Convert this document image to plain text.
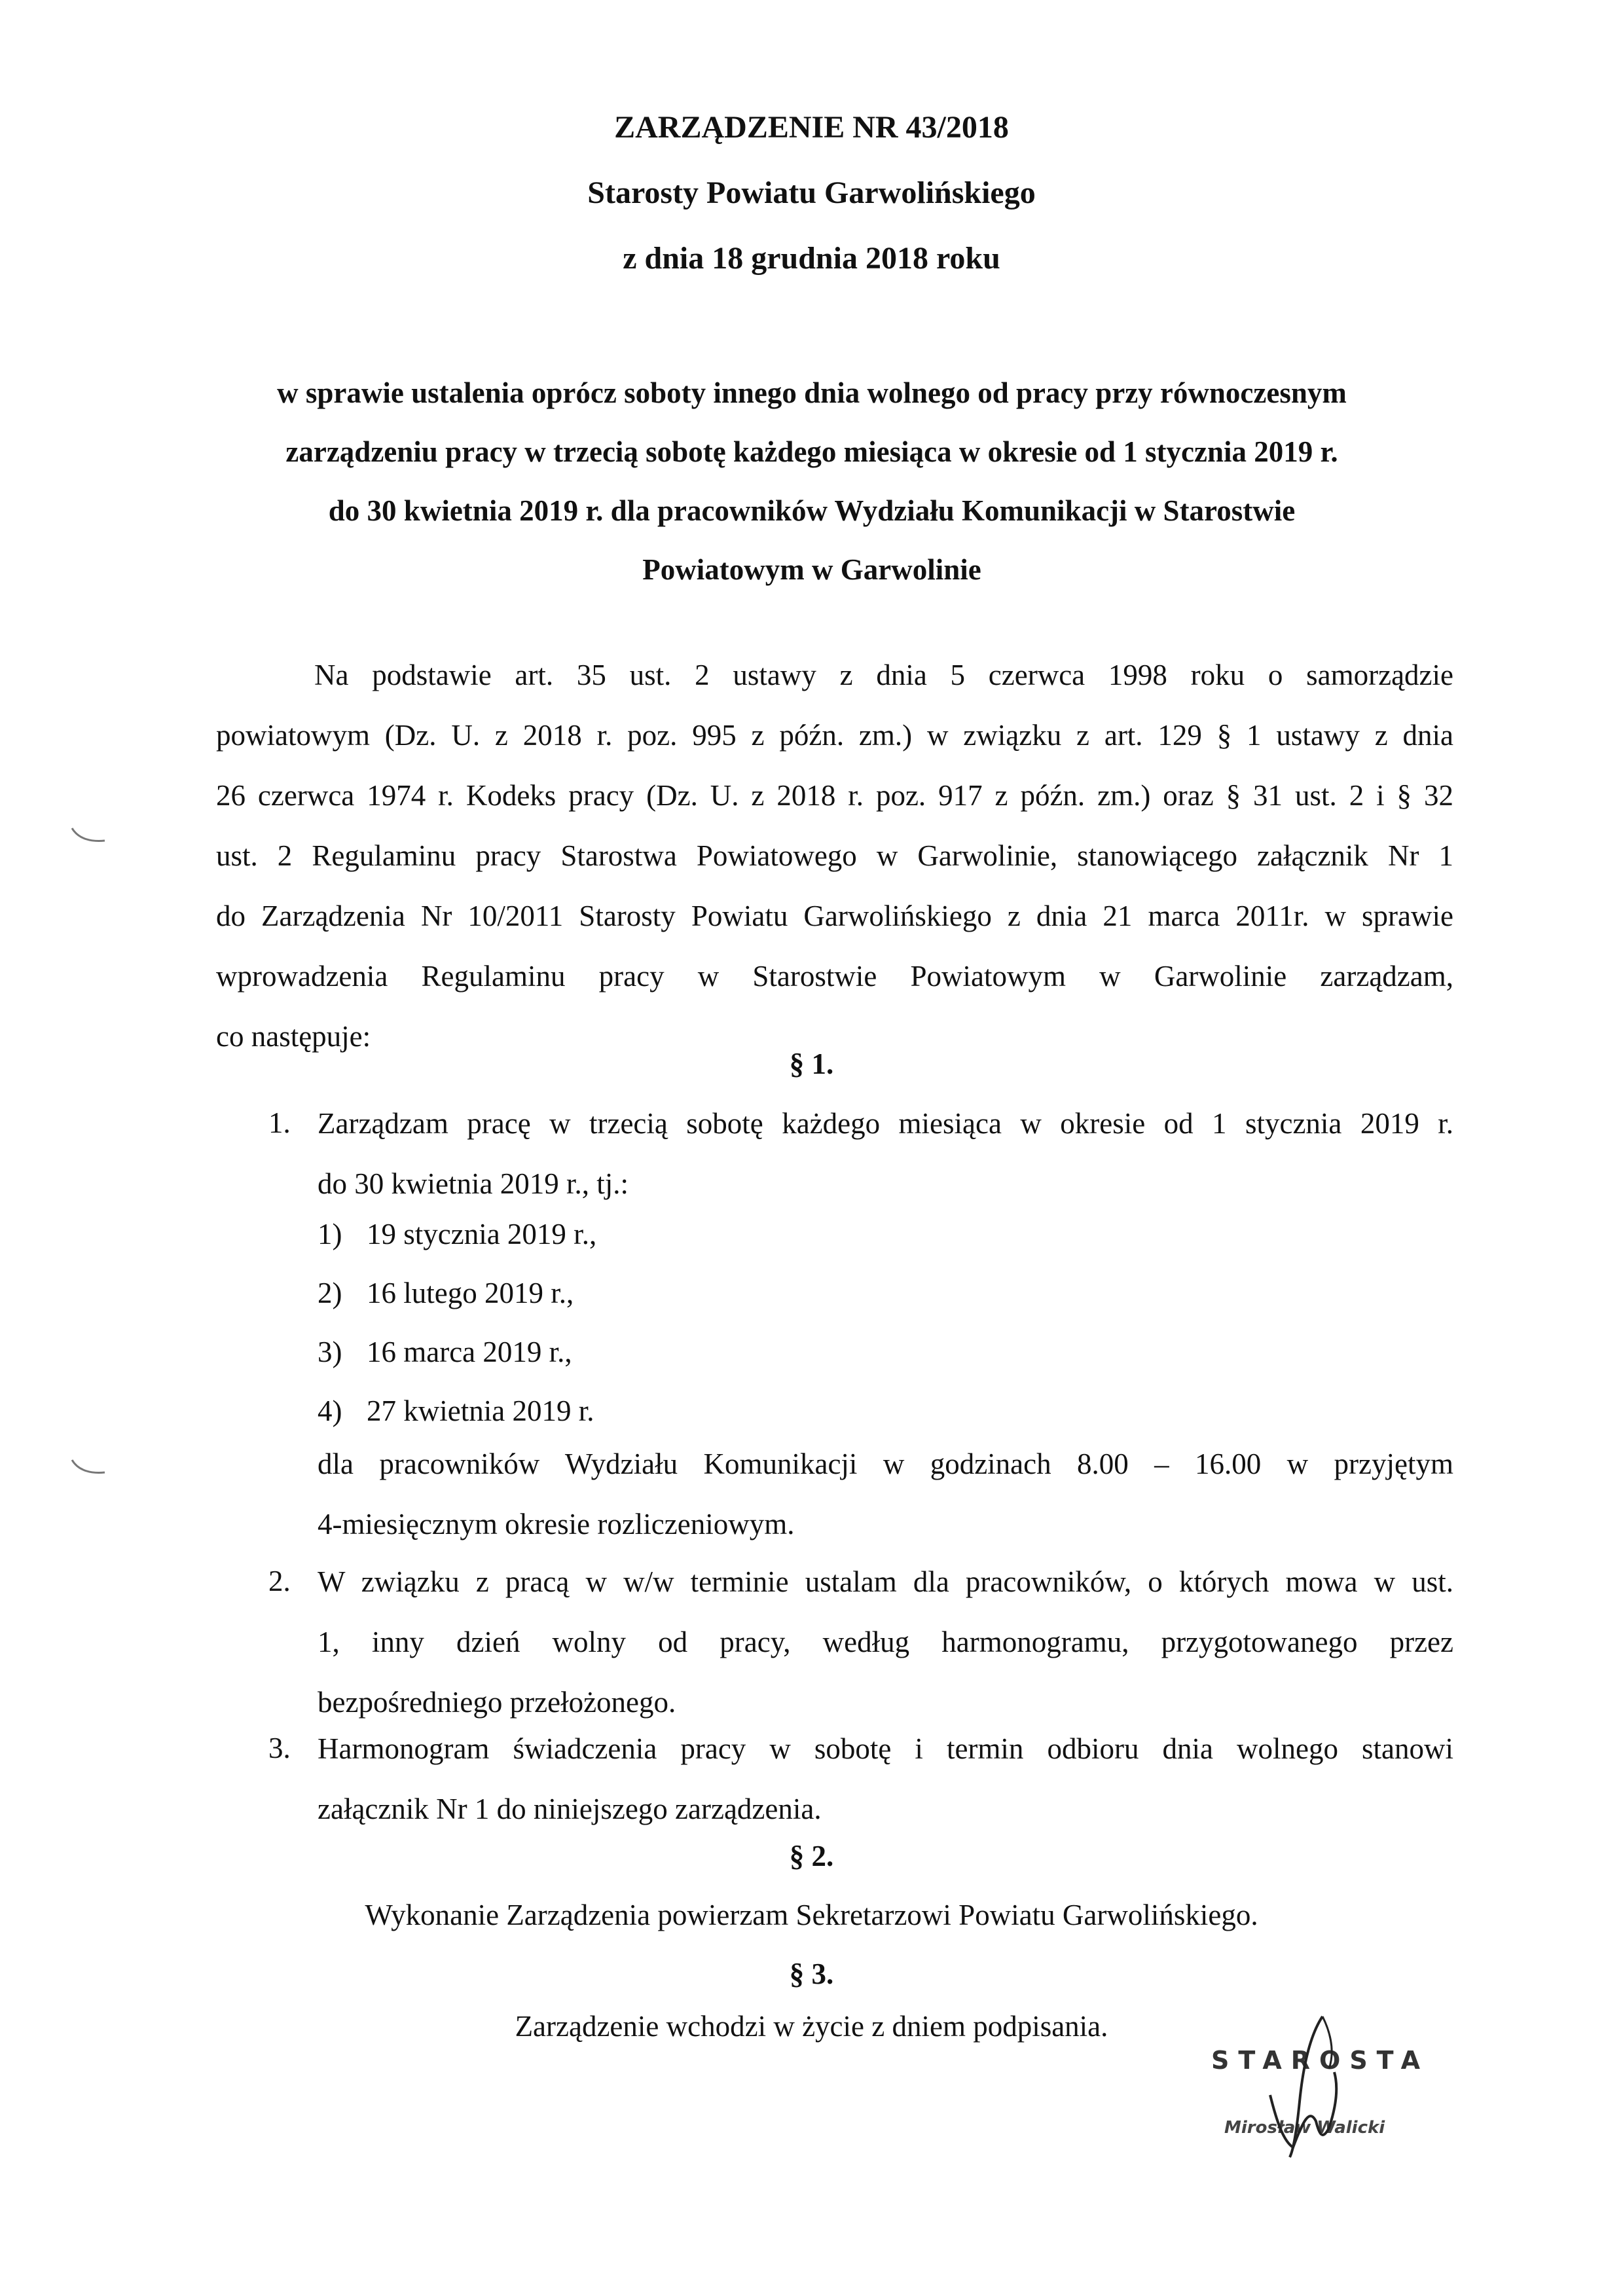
ZARZĄDZENIE NR 43/2018
Starosty Powiatu Garwolińskiego
z dnia 18 grudnia 2018 roku
w sprawie ustalenia oprócz soboty innego dnia wolnego od pracy przy równoczesnym
zarządzeniu pracy w trzecią sobotę każdego miesiąca w okresie od 1 stycznia 2019 r.
do 30 kwietnia 2019 r. dla pracowników Wydziału Komunikacji w Starostwie
Powiatowym w Garwolinie
Na podstawie art. 35 ust. 2 ustawy z dnia 5 czerwca 1998 roku o samorządzie
powiatowym (Dz. U. z 2018 r. poz. 995 z późn. zm.) w związku z art. 129 § 1 ustawy z dnia
26 czerwca 1974 r. Kodeks pracy (Dz. U. z 2018 r. poz. 917 z późn. zm.) oraz § 31 ust. 2 i § 32
ust. 2 Regulaminu pracy Starostwa Powiatowego w Garwolinie, stanowiącego załącznik Nr 1
do Zarządzenia Nr 10/2011 Starosty Powiatu Garwolińskiego z dnia 21 marca 2011r. w sprawie
wprowadzenia Regulaminu pracy w Starostwie Powiatowym w Garwolinie zarządzam,
co następuje:
§ 1.
1. Zarządzam pracę w trzecią sobotę każdego miesiąca w okresie od 1 stycznia 2019 r.
do 30 kwietnia 2019 r., tj.:
1) 19 stycznia 2019 r.,
2) 16 lutego 2019 r.,
3) 16 marca 2019 r.,
4) 27 kwietnia 2019 r.
dla pracowników Wydziału Komunikacji w godzinach 8.00 – 16.00 w przyjętym
4-miesięcznym okresie rozliczeniowym.
2. W związku z pracą w w/w terminie ustalam dla pracowników, o których mowa w ust.
1, inny dzień wolny od pracy, według harmonogramu, przygotowanego przez
bezpośredniego przełożonego.
3. Harmonogram świadczenia pracy w sobotę i termin odbioru dnia wolnego stanowi
załącznik Nr 1 do niniejszego zarządzenia.
§ 2.
Wykonanie Zarządzenia powierzam Sekretarzowi Powiatu Garwolińskiego.
§ 3.
Zarządzenie wchodzi w życie z dniem podpisania.
STAROSTA
Mirosław Walicki
